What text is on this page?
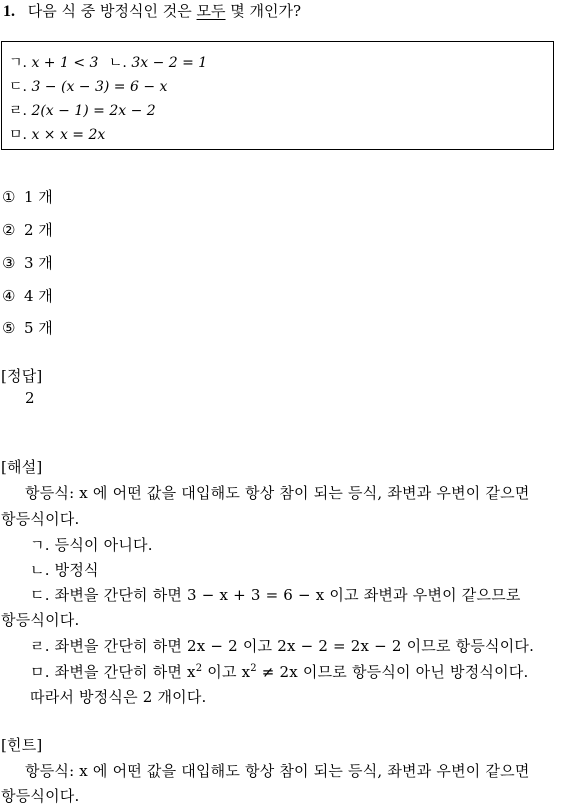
1. 다음 식 중 방정식인 것은 모두 몇 개인가?
ㄱ. x + 1 < 3 ㄴ. 3x − 2 = 1
ㄷ. 3 − (x − 3) = 6 − x
ㄹ. 2(x − 1) = 2x − 2
ㅁ. x × x = 2x
① 1 개
② 2 개
③ 3 개
④ 4 개
⑤ 5 개
[정답]
2
[해설]
항등식: x 에 어떤 값을 대입해도 항상 참이 되는 등식, 좌변과 우변이 같으면
항등식이다.
ㄱ. 등식이 아니다.
ㄴ. 방정식
ㄷ. 좌변을 간단히 하면 3 − x + 3 = 6 − x 이고 좌변과 우변이 같으므로
항등식이다.
ㄹ. 좌변을 간단히 하면 2x − 2 이고 2x − 2 = 2x − 2 이므로 항등식이다.
ㅁ. 좌변을 간단히 하면 $x^2$ 이고 $x^2 \ne 2x$ 이므로 항등식이 아닌 방정식이다.
따라서 방정식은 2 개이다.
[힌트]
항등식: x 에 어떤 값을 대입해도 항상 참이 되는 등식, 좌변과 우변이 같으면
항등식이다.
